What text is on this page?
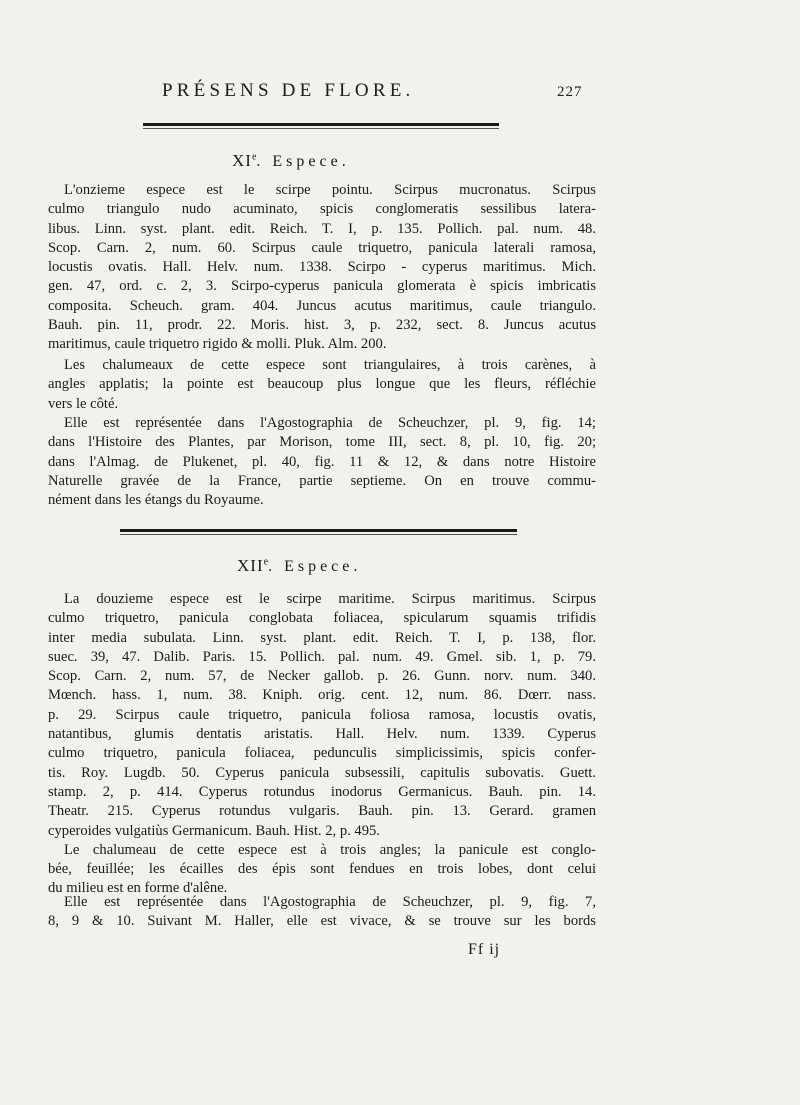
PRÉSENS DE FLORE.	227
XIe. Espece.
L'onzieme espece est le scirpe pointu. Scirpus mucronatus. Scirpus
culmo triangulo nudo acuminato, spicis conglomeratis sessilibus latera-
libus. Linn. syst. plant. edit. Reich. T. I, p. 135. Pollich. pal. num. 48.
Scop. Carn. 2, num. 60. Scirpus caule triquetro, panicula laterali ramosa,
locustis ovatis. Hall. Helv. num. 1338. Scirpo - cyperus maritimus. Mich.
gen. 47, ord. c. 2, 3. Scirpo-cyperus panicula glomerata è spicis imbricatis
composita. Scheuch. gram. 404. Juncus acutus maritimus, caule triangulo.
Bauh. pin. 11, prodr. 22. Moris. hist. 3, p. 232, sect. 8. Juncus acutus
maritimus, caule triquetro rigido & molli. Pluk. Alm. 200.
Les chalumeaux de cette espece sont triangulaires, à trois carènes, à
angles applatis; la pointe est beaucoup plus longue que les fleurs, réfléchie
vers le côté.
Elle est représentée dans l'Agostographia de Scheuchzer, pl. 9, fig. 14;
dans l'Histoire des Plantes, par Morison, tome III, sect. 8, pl. 10, fig. 20;
dans l'Almag. de Plukenet, pl. 40, fig. 11 & 12, & dans notre Histoire
Naturelle gravée de la France, partie septieme. On en trouve commu-
nément dans les étangs du Royaume.
XIIe. Espece.
La douzieme espece est le scirpe maritime. Scirpus maritimus. Scirpus
culmo triquetro, panicula conglobata foliacea, spicularum squamis trifidis
inter media subulata. Linn. syst. plant. edit. Reich. T. I, p. 138, flor.
suec. 39, 47. Dalib. Paris. 15. Pollich. pal. num. 49. Gmel. sib. 1, p. 79.
Scop. Carn. 2, num. 57, de Necker gallob. p. 26. Gunn. norv. num. 340.
Mœnch. hass. 1, num. 38. Kniph. orig. cent. 12, num. 86. Dœrr. nass.
p. 29. Scirpus caule triquetro, panicula foliosa ramosa, locustis ovatis,
natantibus, glumis dentatis aristatis. Hall. Helv. num. 1339. Cyperus
culmo triquetro, panicula foliacea, pedunculis simplicissimis, spicis confer-
tis. Roy. Lugdb. 50. Cyperus panicula subsessili, capitulis subovatis. Guett.
stamp. 2, p. 414. Cyperus rotundus inodorus Germanicus. Bauh. pin. 14.
Theatr. 215. Cyperus rotundus vulgaris. Bauh. pin. 13. Gerard. gramen
cyperoides vulgatiùs Germanicum. Bauh. Hist. 2, p. 495.
Le chalumeau de cette espece est à trois angles; la panicule est conglo-
bée, feuillée; les écailles des épis sont fendues en trois lobes, dont celui
du milieu est en forme d'alêne.
Elle est représentée dans l'Agostographia de Scheuchzer, pl. 9, fig. 7,
8, 9 & 10. Suivant M. Haller, elle est vivace, & se trouve sur les bords
Ff ij
